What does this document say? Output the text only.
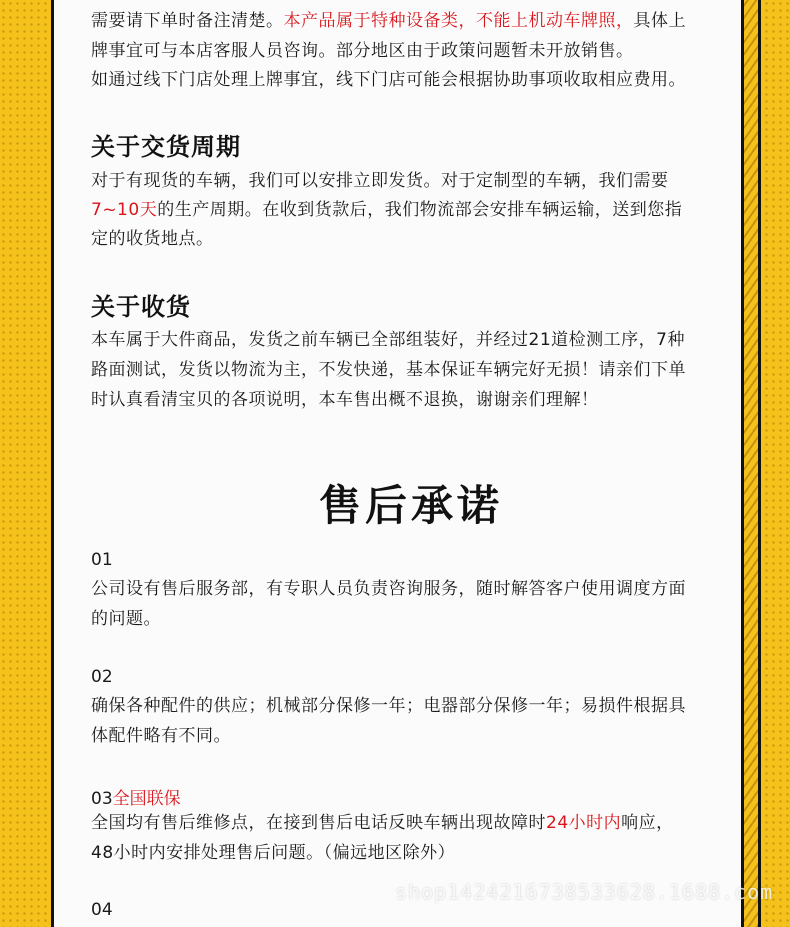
需要请下单时备注清楚。本产品属于特种设备类，不能上机动车牌照，具体上

牌事宜可与本店客服人员咨询。部分地区由于政策问题暂未开放销售。

如通过线下门店处理上牌事宜，线下门店可能会根据协助事项收取相应费用。

关于交货周期

对于有现货的车辆，我们可以安排立即发货。对于定制型的车辆，我们需要

7~10天的生产周期。在收到货款后，我们物流部会安排车辆运输，送到您指

定的收货地点。

关于收货

本车属于大件商品，发货之前车辆已全部组装好，并经过21道检测工序，7种

路面测试，发货以物流为主，不发快递，基本保证车辆完好无损！请亲们下单

时认真看清宝贝的各项说明，本车售出概不退换，谢谢亲们理解！

售后承诺

01

公司设有售后服务部，有专职人员负责咨询服务，随时解答客户使用调度方面

的问题。

02

确保各种配件的供应；机械部分保修一年；电器部分保修一年；易损件根据具

体配件略有不同。

03全国联保

全国均有售后维修点，在接到售后电话反映车辆出现故障时24小时内响应，

48小时内安排处理售后问题。（偏远地区除外）

04

shop1424216738533628.1688.com
